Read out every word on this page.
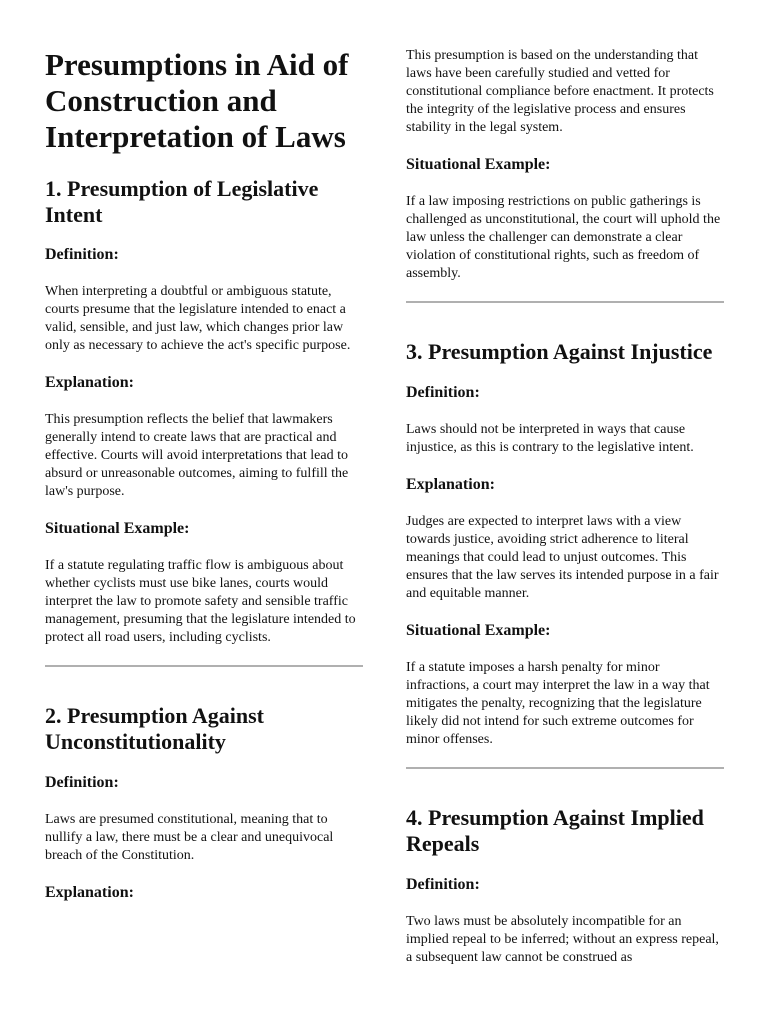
Presumptions in Aid of Construction and Interpretation of Laws
1. Presumption of Legislative Intent
Definition:

When interpreting a doubtful or ambiguous statute, courts presume that the legislature intended to enact a valid, sensible, and just law, which changes prior law only as necessary to achieve the act's specific purpose.

Explanation:

This presumption reflects the belief that lawmakers generally intend to create laws that are practical and effective. Courts will avoid interpretations that lead to absurd or unreasonable outcomes, aiming to fulfill the law's purpose.

Situational Example:

If a statute regulating traffic flow is ambiguous about whether cyclists must use bike lanes, courts would interpret the law to promote safety and sensible traffic management, presuming that the legislature intended to protect all road users, including cyclists.

2. Presumption Against Unconstitutionality
Definition:

Laws are presumed constitutional, meaning that to nullify a law, there must be a clear and unequivocal breach of the Constitution.

Explanation:

This presumption is based on the understanding that laws have been carefully studied and vetted for constitutional compliance before enactment. It protects the integrity of the legislative process and ensures stability in the legal system.

Situational Example:

If a law imposing restrictions on public gatherings is challenged as unconstitutional, the court will uphold the law unless the challenger can demonstrate a clear violation of constitutional rights, such as freedom of assembly.

3. Presumption Against Injustice
Definition:

Laws should not be interpreted in ways that cause injustice, as this is contrary to the legislative intent.

Explanation:

Judges are expected to interpret laws with a view towards justice, avoiding strict adherence to literal meanings that could lead to unjust outcomes. This ensures that the law serves its intended purpose in a fair and equitable manner.

Situational Example:

If a statute imposes a harsh penalty for minor infractions, a court may interpret the law in a way that mitigates the penalty, recognizing that the legislature likely did not intend for such extreme outcomes for minor offenses.

4. Presumption Against Implied Repeals
Definition:

Two laws must be absolutely incompatible for an implied repeal to be inferred; without an express repeal, a subsequent law cannot be construed as
